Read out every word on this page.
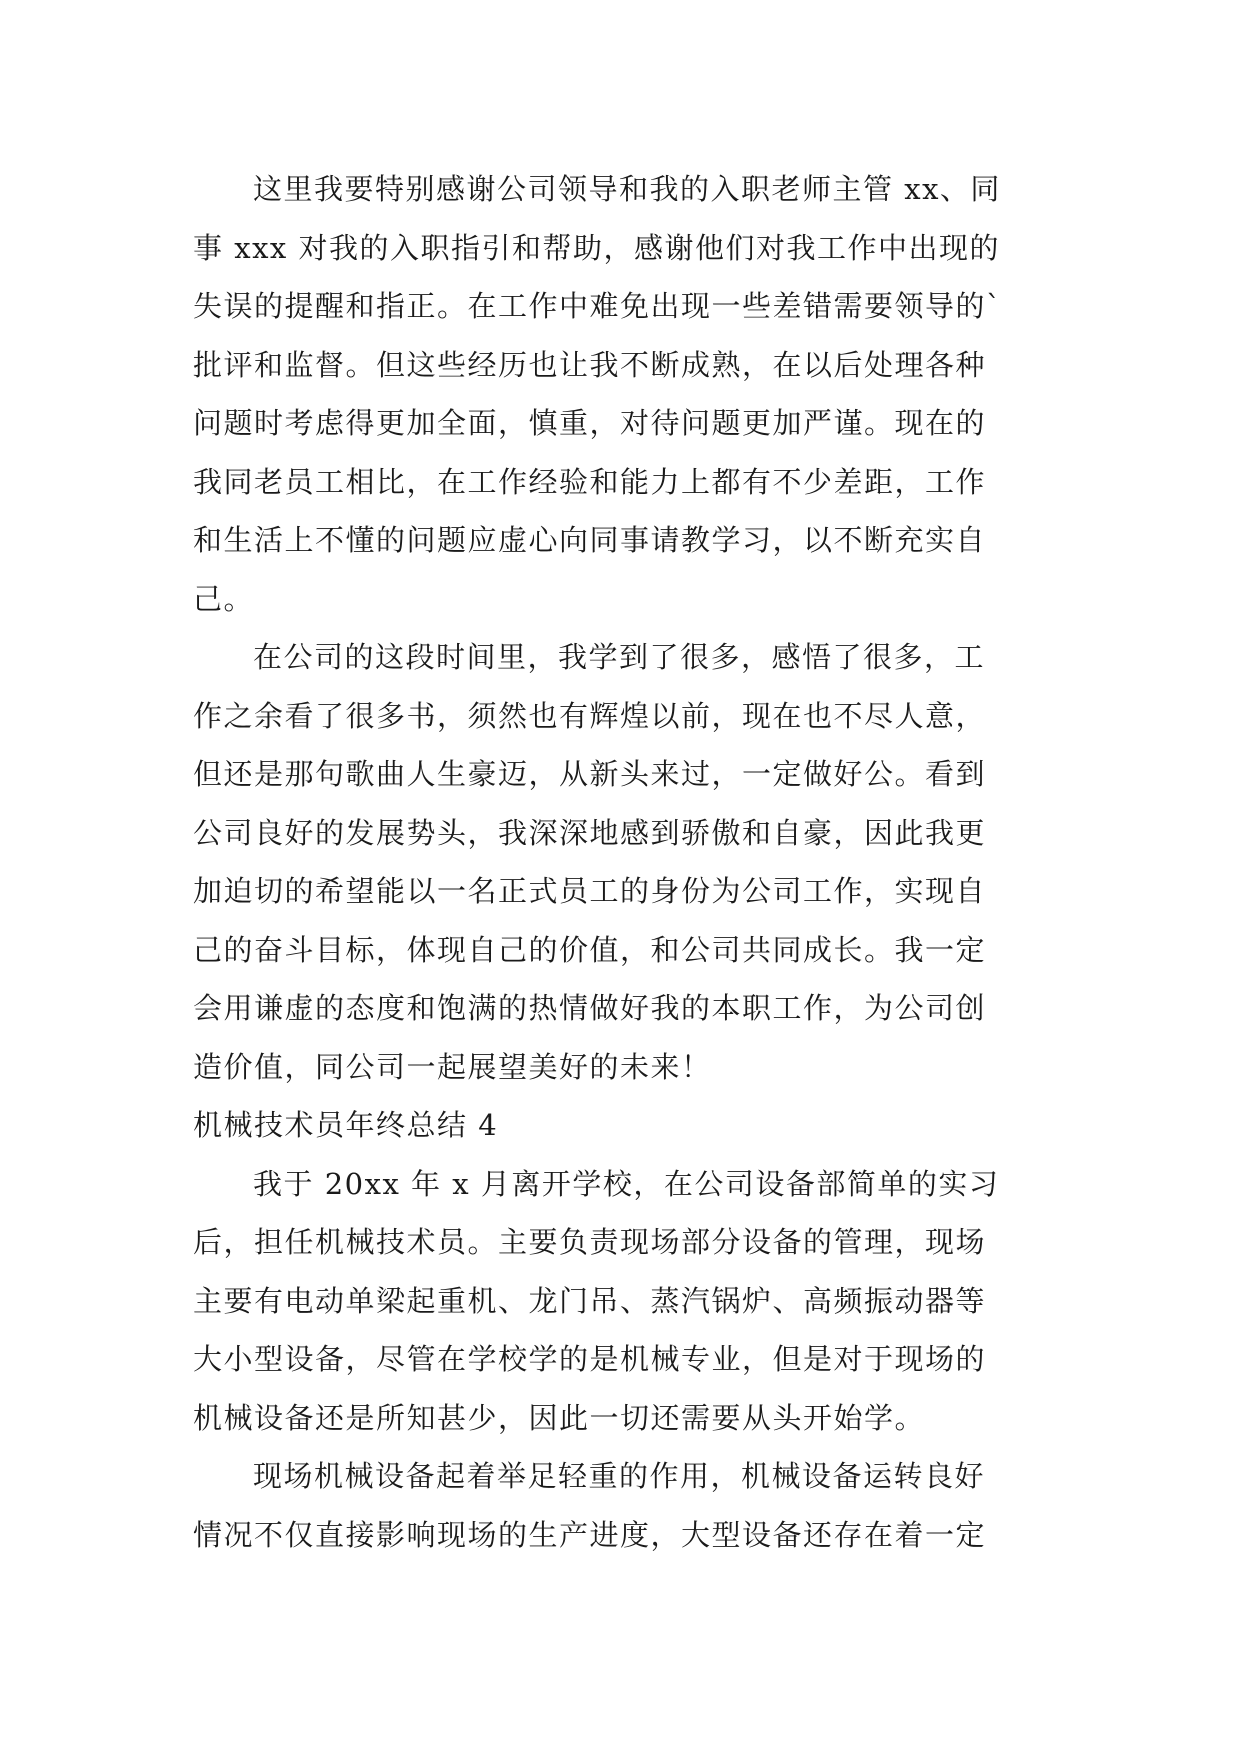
这里我要特别感谢公司领导和我的入职老师主管 xx、同
事 xxx 对我的入职指引和帮助，感谢他们对我工作中出现的
失误的提醒和指正。在工作中难免出现一些差错需要领导的`
批评和监督。但这些经历也让我不断成熟，在以后处理各种
问题时考虑得更加全面，慎重，对待问题更加严谨。现在的
我同老员工相比，在工作经验和能力上都有不少差距，工作
和生活上不懂的问题应虚心向同事请教学习，以不断充实自
己。
在公司的这段时间里，我学到了很多，感悟了很多，工
作之余看了很多书，须然也有辉煌以前，现在也不尽人意，
但还是那句歌曲人生豪迈，从新头来过，一定做好公。看到
公司良好的发展势头，我深深地感到骄傲和自豪，因此我更
加迫切的希望能以一名正式员工的身份为公司工作，实现自
己的奋斗目标，体现自己的价值，和公司共同成长。我一定
会用谦虚的态度和饱满的热情做好我的本职工作，为公司创
造价值，同公司一起展望美好的未来！
机械技术员年终总结 4
我于 20xx 年 x 月离开学校，在公司设备部简单的实习
后，担任机械技术员。主要负责现场部分设备的管理，现场
主要有电动单梁起重机、龙门吊、蒸汽锅炉、高频振动器等
大小型设备，尽管在学校学的是机械专业，但是对于现场的
机械设备还是所知甚少，因此一切还需要从头开始学。
现场机械设备起着举足轻重的作用，机械设备运转良好
情况不仅直接影响现场的生产进度，大型设备还存在着一定
